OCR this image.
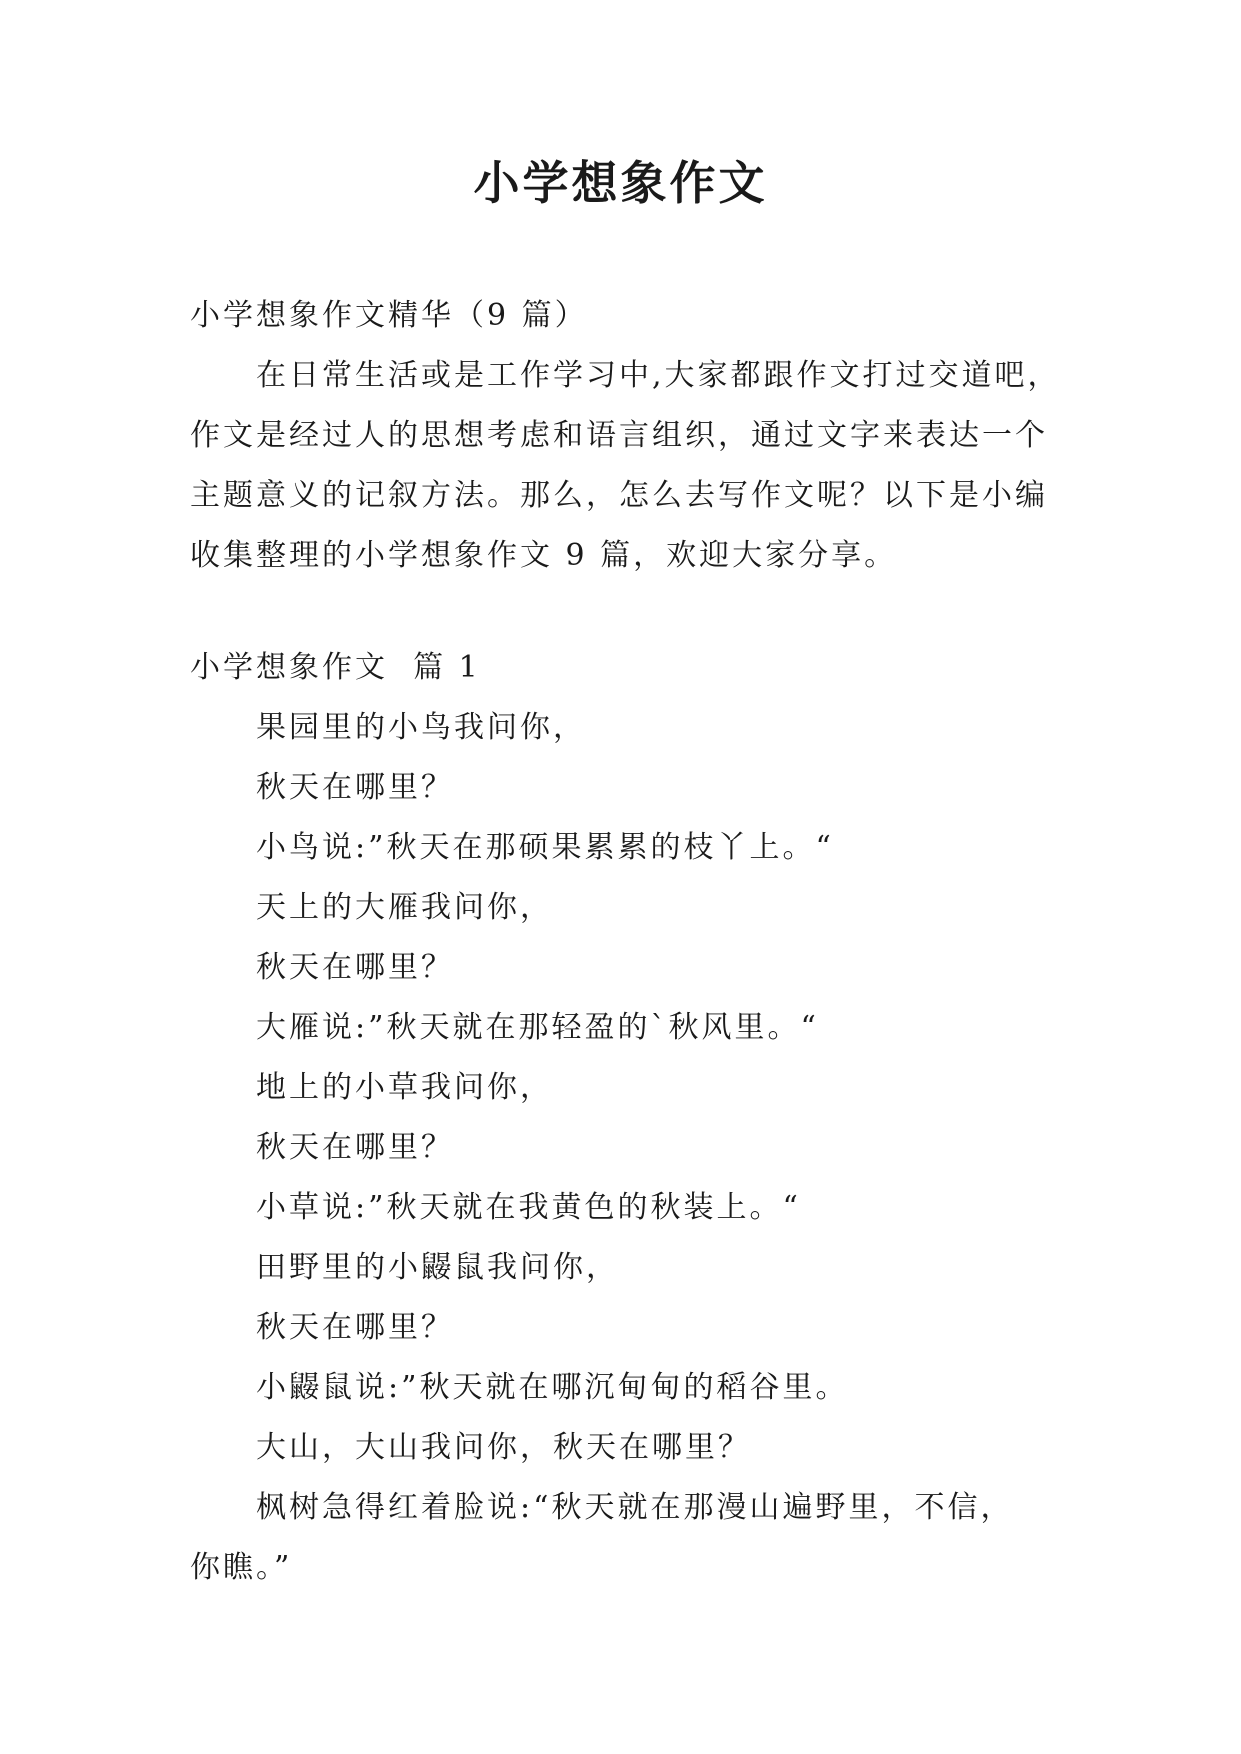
小学想象作文

小学想象作文精华（9 篇）

在日常生活或是工作学习中,大家都跟作文打过交道吧，

作文是经过人的思想考虑和语言组织，通过文字来表达一个

主题意义的记叙方法。那么，怎么去写作文呢？以下是小编

收集整理的小学想象作文 9 篇，欢迎大家分享。

小学想象作文  篇 1

果园里的小鸟我问你，

秋天在哪里？

小鸟说:”秋天在那硕果累累的枝丫上。“

天上的大雁我问你，

秋天在哪里？

大雁说:”秋天就在那轻盈的`秋风里。“

地上的小草我问你，

秋天在哪里？

小草说:”秋天就在我黄色的秋装上。“

田野里的小鼹鼠我问你，

秋天在哪里？

小鼹鼠说:”秋天就在哪沉甸甸的稻谷里。

大山，大山我问你，秋天在哪里？

枫树急得红着脸说:“秋天就在那漫山遍野里，不信，

你瞧。”
